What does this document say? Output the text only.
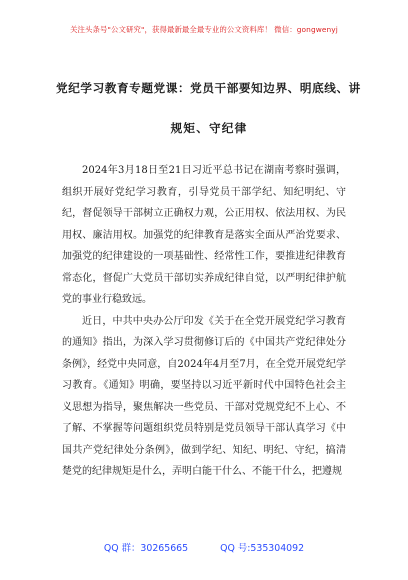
关注头条号"公文研究"，获得最新最全最专业的公文资料库！ 微信：gongwenyj
党纪学习教育专题党课：党员干部要知边界、明底线、讲
规矩、守纪律

2024年3月18日至21日习近平总书记在湖南考察时强调，组织开展好党纪学习教育，引导党员干部学纪、知纪明纪、守纪，督促领导干部树立正确权力观，公正用权、依法用权、为民用权、廉洁用权。加强党的纪律教育是落实全面从严治党要求、加强党的纪律建设的一项基础性、经常性工作，要推进纪律教育常态化，督促广大党员干部切实养成纪律自觉，以严明纪律护航党的事业行稳致远。

近日，中共中央办公厅印发《关于在全党开展党纪学习教育的通知》指出，为深入学习贯彻修订后的《中国共产党纪律处分条例》，经党中央同意，自2024年4月至7月，在全党开展党纪学习教育。《通知》明确，要坚持以习近平新时代中国特色社会主义思想为指导，聚焦解决一些党员、干部对党规党纪不上心、不了解、不掌握等问题组织党员特别是党员领导干部认真学习《中国共产党纪律处分条例》，做到学纪、知纪、明纪、守纪，搞清楚党的纪律规矩是什么，弄明白能干什么、不能干什么，把遵规

QQ 群：30265665	QQ 号:535304092
